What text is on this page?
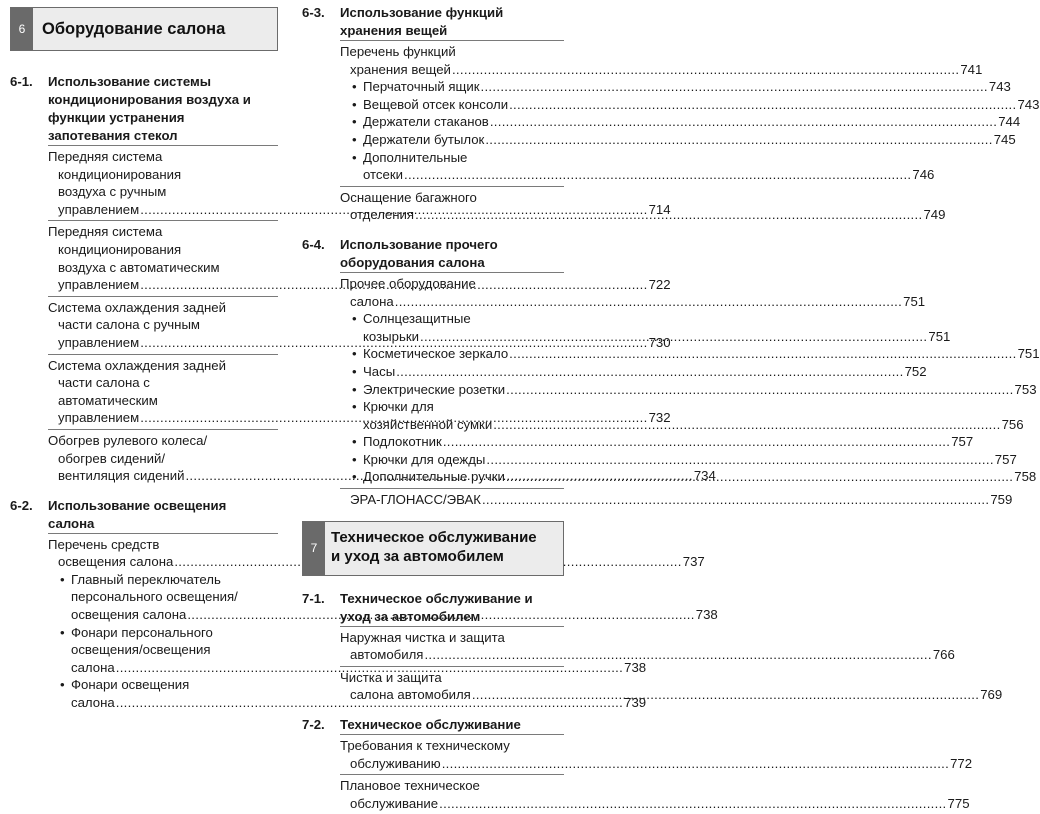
6	Оборудование салона
6-1.	Использование системы
кондиционирования воздуха и
функции устранения
запотевания стекол
Передняя система
кондиционирования
воздуха с ручным
управлением .....	714
Передняя система
кондиционирования
воздуха с автоматическим
управлением .....	722
Система охлаждения задней
части салона с ручным
управлением .....	730
Система охлаждения задней
части салона с
автоматическим
управлением .....	732
Обогрев рулевого колеса/
обогрев сидений/
вентиляция сидений .....	734
6-2.	Использование освещения
салона
Перечень средств
освещения салона .....	737
• Главный переключатель
персонального освещения/
освещения салона .....	738
• Фонари персонального
освещения/освещения
салона .....	738
• Фонари освещения
салона .....	739
6-3.	Использование функций
хранения вещей
Перечень функций
хранения вещей .....	741
• Перчаточный ящик .....	743
• Вещевой отсек консоли .....	743
• Держатели стаканов .....	744
• Держатели бутылок .....	745
• Дополнительные
отсеки .....	746
Оснащение багажного
отделения .....	749
6-4.	Использование прочего
оборудования салона
Прочее оборудование
салона .....	751
• Солнцезащитные
козырьки .....	751
• Косметическое зеркало .....	751
• Часы .....	752
• Электрические розетки .....	753
• Крючки для
хозяйственной сумки .....	756
• Подлокотник .....	757
• Крючки для одежды .....	757
• Дополнительные ручки .....	758
ЭРА-ГЛОНАСС/ЭВАК .....	759
7
Техническое обслуживание
и уход за автомобилем
7-1.	Техническое обслуживание и
уход за автомобилем
Наружная чистка и защита
автомобиля .....	766
Чистка и защита
салона автомобиля .....	769
7-2.	Техническое обслуживание
Требования к техническому
обслуживанию .....	772
Плановое техническое
обслуживание .....	775
